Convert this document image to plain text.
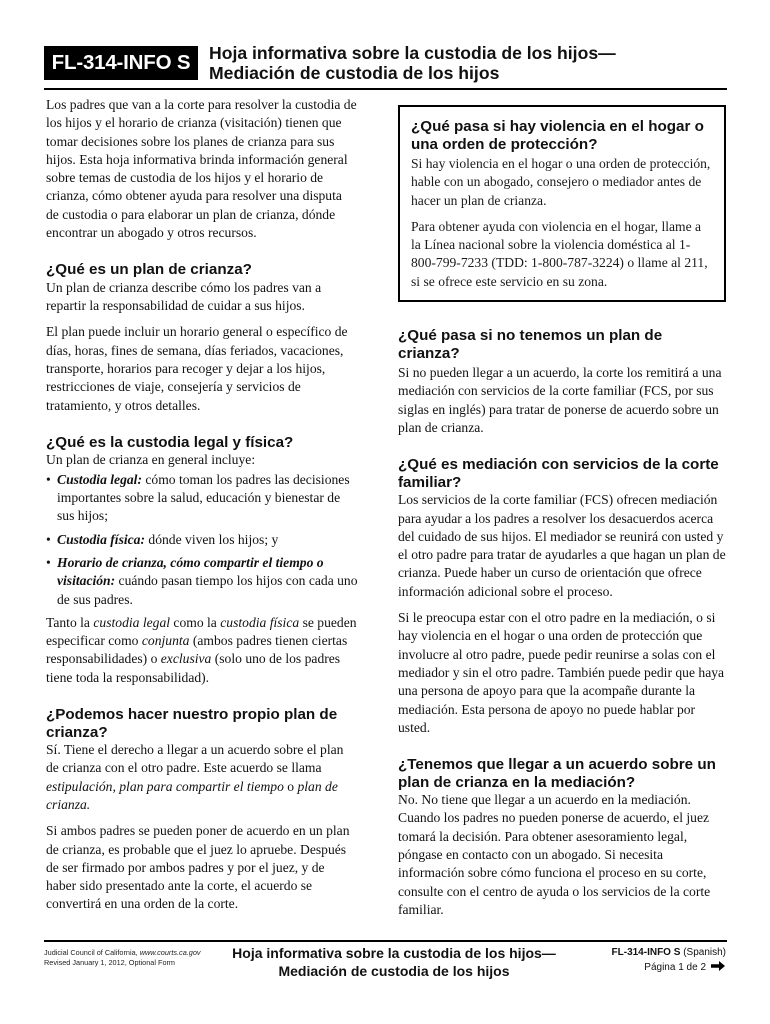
FL-314-INFO S	Hoja informativa sobre la custodia de los hijos—
Mediación de custodia de los hijos

Los padres que van a la corte para resolver la custodia de los hijos y el horario de crianza (visitación) tienen que tomar decisiones sobre los planes de crianza para sus hijos. Esta hoja informativa brinda información general sobre temas de custodia de los hijos y el horario de crianza, cómo obtener ayuda para resolver una disputa de custodia o para elaborar un plan de crianza, dónde encontrar un abogado y otros recursos.

¿Qué es un plan de crianza?

Un plan de crianza describe cómo los padres van a repartir la responsabilidad de cuidar a sus hijos.

El plan puede incluir un horario general o específico de días, horas, fines de semana, días feriados, vacaciones, transporte, horarios para recoger y dejar a los hijos, restricciones de viaje, consejería y servicios de tratamiento, y otros detalles.

¿Qué es la custodia legal y física?

Un plan de crianza en general incluye:

• Custodia legal: cómo toman los padres las decisiones importantes sobre la salud, educación y bienestar de sus hijos;
• Custodia física: dónde viven los hijos; y
• Horario de crianza, cómo compartir el tiempo o visitación: cuándo pasan tiempo los hijos con cada uno de sus padres.

Tanto la custodia legal como la custodia física se pueden especificar como conjunta (ambos padres tienen ciertas responsabilidades) o exclusiva (solo uno de los padres tiene toda la responsabilidad).

¿Podemos hacer nuestro propio plan de crianza?

Sí. Tiene el derecho a llegar a un acuerdo sobre el plan de crianza con el otro padre. Este acuerdo se llama estipulación, plan para compartir el tiempo o plan de crianza.

Si ambos padres se pueden poner de acuerdo en un plan de crianza, es probable que el juez lo apruebe. Después de ser firmado por ambos padres y por el juez, y de haber sido presentado ante la corte, el acuerdo se convertirá en una orden de la corte.

¿Qué pasa si hay violencia en el hogar o una orden de protección?

Si hay violencia en el hogar o una orden de protección, hable con un abogado, consejero o mediador antes de hacer un plan de crianza.

Para obtener ayuda con violencia en el hogar, llame a la Línea nacional sobre la violencia doméstica al 1-800-799-7233 (TDD: 1-800-787-3224) o llame al 211, si se ofrece este servicio en su zona.

¿Qué pasa si no tenemos un plan de crianza?

Si no pueden llegar a un acuerdo, la corte los remitirá a una mediación con servicios de la corte familiar (FCS, por sus siglas en inglés) para tratar de ponerse de acuerdo sobre un plan de crianza.

¿Qué es mediación con servicios de la corte familiar?

Los servicios de la corte familiar (FCS) ofrecen mediación para ayudar a los padres a resolver los desacuerdos acerca del cuidado de sus hijos. El mediador se reunirá con usted y el otro padre para tratar de ayudarles a que hagan un plan de crianza. Puede haber un curso de orientación que ofrece información adicional sobre el proceso.

Si le preocupa estar con el otro padre en la mediación, o si hay violencia en el hogar o una orden de protección que involucre al otro padre, puede pedir reunirse a solas con el mediador y sin el otro padre. También puede pedir que haya una persona de apoyo para que la acompañe durante la mediación. Esta persona de apoyo no puede hablar por usted.

¿Tenemos que llegar a un acuerdo sobre un plan de crianza en la mediación?

No. No tiene que llegar a un acuerdo en la mediación. Cuando los padres no pueden ponerse de acuerdo, el juez tomará la decisión. Para obtener asesoramiento legal, póngase en contacto con un abogado. Si necesita información sobre cómo funciona el proceso en su corte, consulte con el centro de ayuda o los servicios de la corte familiar.

Judicial Council of California, www.courts.ca.gov
Revised January 1, 2012, Optional Form
Hoja informativa sobre la custodia de los hijos—
Mediación de custodia de los hijos
FL-314-INFO S (Spanish)
Página 1 de 2
